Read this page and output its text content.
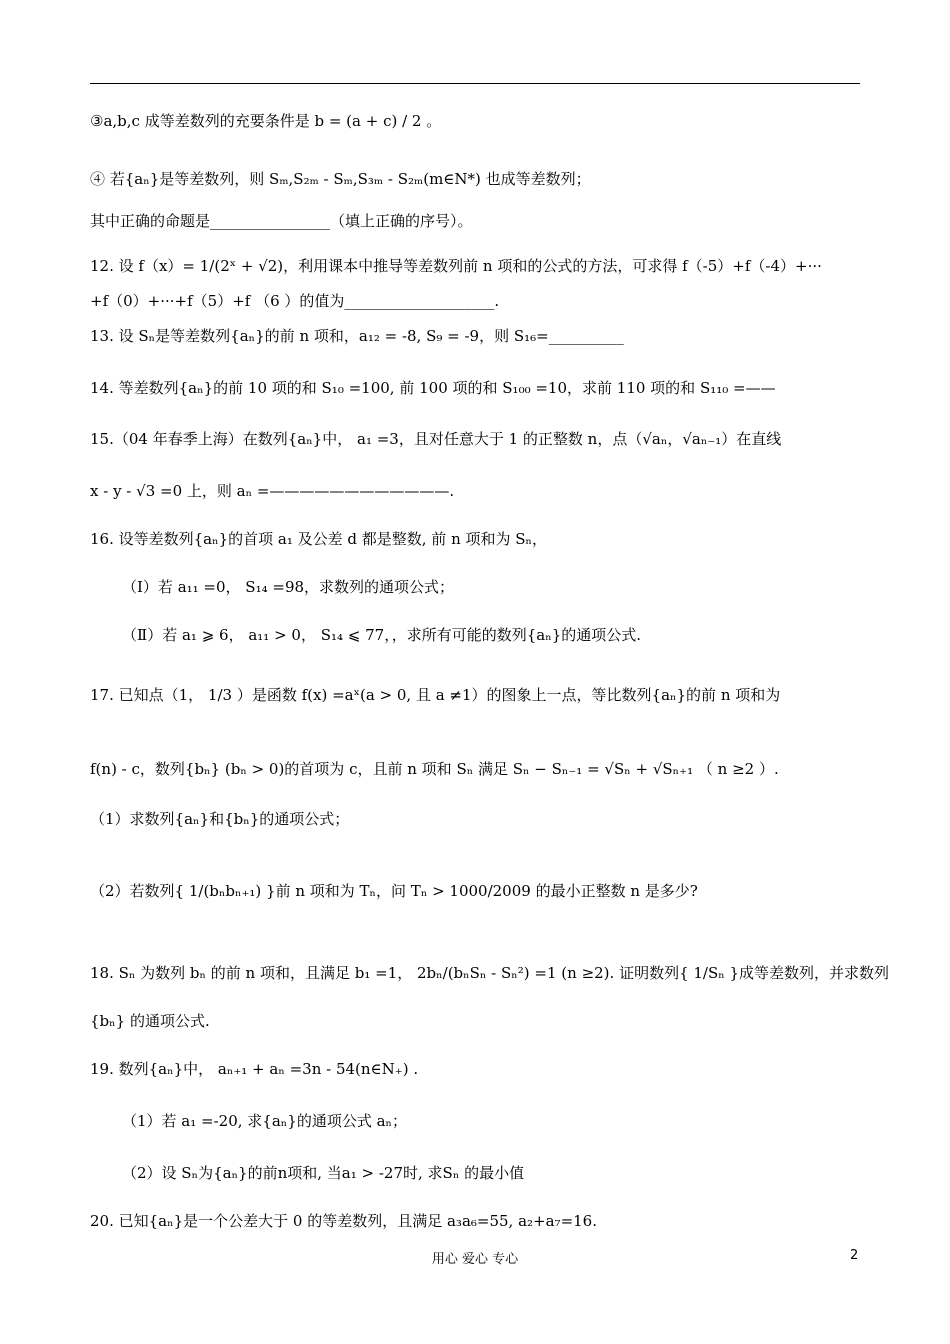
③a,b,c 成等差数列的充要条件是 b = (a + c) / 2 。
④ 若{aₙ}是等差数列，则 Sₘ,S₂ₘ - Sₘ,S₃ₘ - S₂ₘ(m∈N*) 也成等差数列；
其中正确的命题是________________（填上正确的序号）。
12. 设 f（x）= 1/(2ˣ + √2)，利用课本中推导等差数列前 n 项和的公式的方法，可求得 f（-5）+f（-4）+···
+f（0）+···+f（5）+f （6 ）的值为____________________.
13. 设 Sₙ是等差数列{aₙ}的前 n 项和，a₁₂ = -8, S₉ = -9，则 S₁₆=__________
14. 等差数列{aₙ}的前 10 项的和 S₁₀ =100, 前 100 项的和 S₁₀₀ =10，求前 110 项的和 S₁₁₀ =——
15.（04 年春季上海）在数列{aₙ}中， a₁ =3，且对任意大于 1 的正整数 n，点（√aₙ，√aₙ₋₁）在直线
x - y - √3 =0 上，则 aₙ =————————————.
16. 设等差数列{aₙ}的首项 a₁ 及公差 d 都是整数, 前 n 项和为 Sₙ，
（Ⅰ）若 a₁₁ =0， S₁₄ =98，求数列的通项公式；
（Ⅱ）若 a₁ ⩾ 6， a₁₁ > 0， S₁₄ ⩽ 77，，求所有可能的数列{aₙ}的通项公式.
17. 已知点（1， 1/3 ）是函数 f(x) =aˣ(a > 0, 且 a ≠1）的图象上一点，等比数列{aₙ}的前 n 项和为
f(n) - c，数列{bₙ} (bₙ > 0)的首项为 c，且前 n 项和 Sₙ 满足 Sₙ − Sₙ₋₁ = √Sₙ + √Sₙ₊₁ （ n ≥2 ）.
（1）求数列{aₙ}和{bₙ}的通项公式；
（2）若数列{ 1/(bₙbₙ₊₁) }前 n 项和为 Tₙ，问 Tₙ > 1000/2009 的最小正整数 n 是多少?
18. Sₙ 为数列 bₙ 的前 n 项和，且满足 b₁ =1， 2bₙ/(bₙSₙ - Sₙ²) =1 (n ≥2). 证明数列{ 1/Sₙ }成等差数列，并求数列
{bₙ} 的通项公式.
19. 数列{aₙ}中， aₙ₊₁ + aₙ =3n - 54(n∈N₊) .
（1）若 a₁ =-20, 求{aₙ}的通项公式 aₙ；
（2）设 Sₙ为{aₙ}的前n项和, 当a₁ > -27时, 求Sₙ 的最小值
20. 已知{aₙ}是一个公差大于 0 的等差数列，且满足 a₃a₆=55, a₂+a₇=16.
用心 爱心 专心	2
